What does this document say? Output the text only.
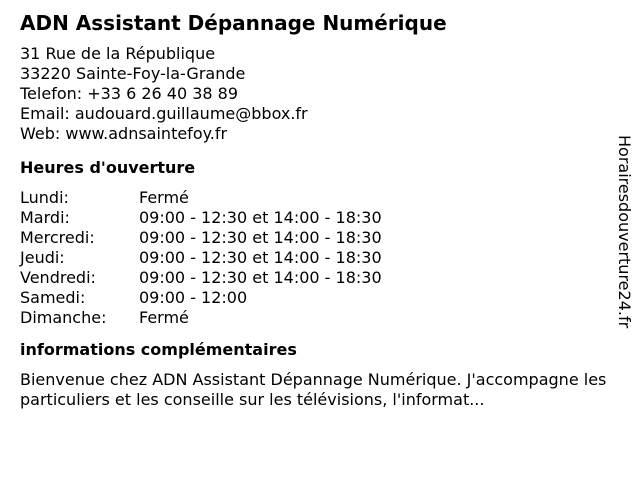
ADN Assistant Dépannage Numérique
31 Rue de la République
33220 Sainte-Foy-la-Grande
Telefon: +33 6 26 40 38 89
Email: audouard.guillaume@bbox.fr
Web: www.adnsaintefoy.fr
Heures d'ouverture
Lundi:	Fermé
Mardi:	09:00 - 12:30 et 14:00 - 18:30
Mercredi:	09:00 - 12:30 et 14:00 - 18:30
Jeudi:	09:00 - 12:30 et 14:00 - 18:30
Vendredi:	09:00 - 12:30 et 14:00 - 18:30
Samedi:	09:00 - 12:00
Dimanche:	Fermé
informations complémentaires
Bienvenue chez ADN Assistant Dépannage Numérique. J'accompagne les particuliers et les conseille sur les télévisions, l'informat...
Horairesdouverture24.fr
